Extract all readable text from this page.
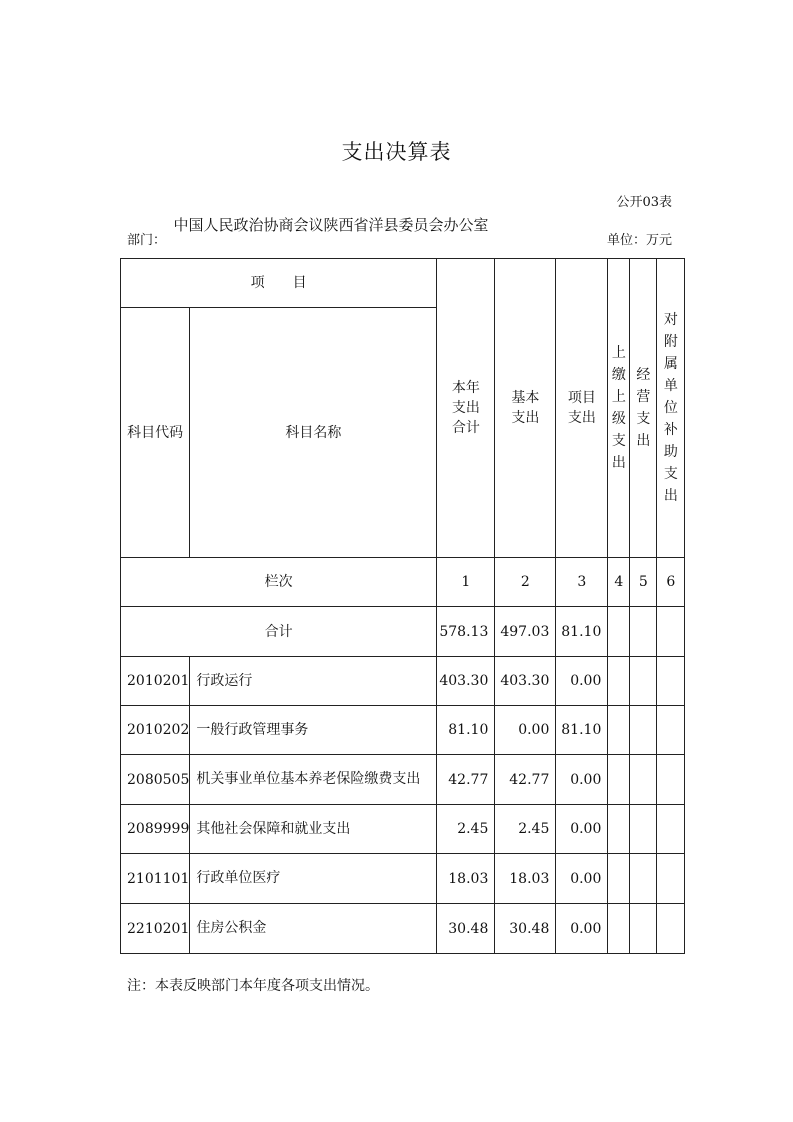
支出决算表
公开03表
部门：
中国人民政治协商会议陕西省洋县委员会办公室
单位：万元
项　　目		本年支出合计	基本支出	项目支出	上缴上级支出	经营支出	对附属单位补助支出
科目代码	科目名称						
栏次		1	2	3	4	5	6
合计		578.13	497.03	81.10			
2010201	行政运行	403.30	403.30	0.00			
2010202	一般行政管理事务	81.10	0.00	81.10			
2080505	机关事业单位基本养老保险缴费支出	42.77	42.77	0.00			
2089999	其他社会保障和就业支出	2.45	2.45	0.00			
2101101	行政单位医疗	18.03	18.03	0.00			
2210201	住房公积金	30.48	30.48	0.00			
注：本表反映部门本年度各项支出情况。
